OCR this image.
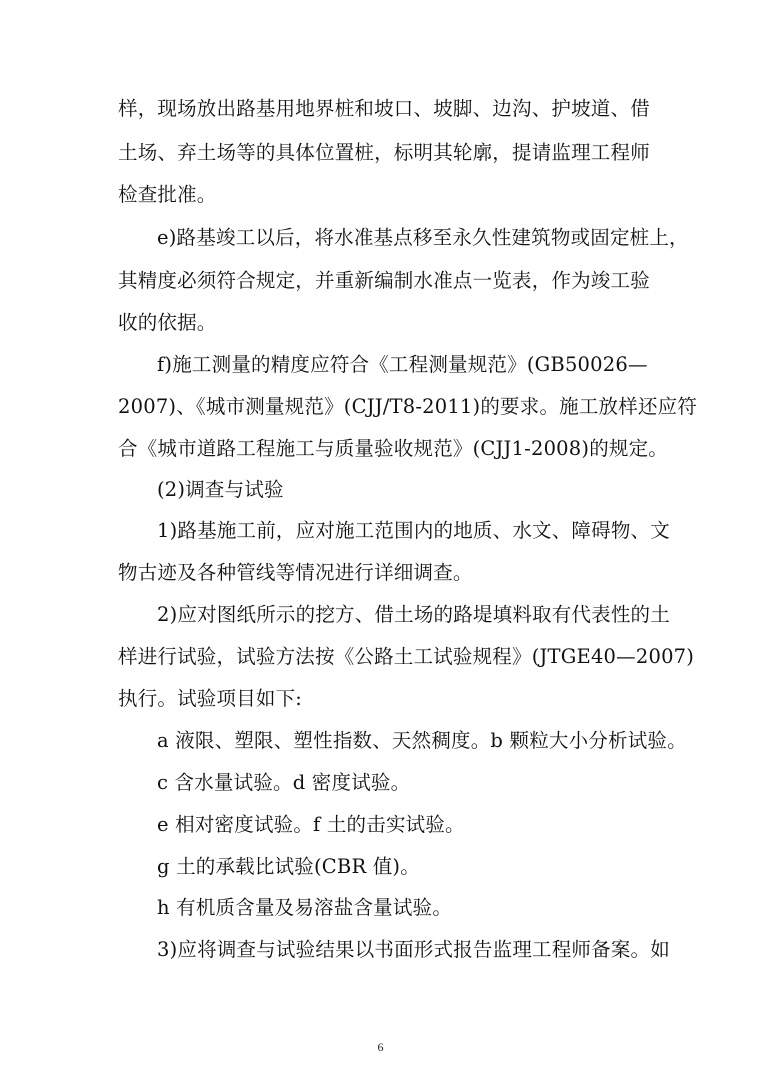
样，现场放出路基用地界桩和坡口、坡脚、边沟、护坡道、借
土场、弃土场等的具体位置桩，标明其轮廓，提请监理工程师
检查批准。
e)路基竣工以后，将水准基点移至永久性建筑物或固定桩上，
其精度必须符合规定，并重新编制水准点一览表，作为竣工验
收的依据。
f)施工测量的精度应符合《工程测量规范》(GB50026—
2007)、《城市测量规范》(CJJ/T8-2011)的要求。施工放样还应符
合《城市道路工程施工与质量验收规范》(CJJ1-2008)的规定。
(2)调查与试验
1)路基施工前，应对施工范围内的地质、水文、障碍物、文
物古迹及各种管线等情况进行详细调查。
2)应对图纸所示的挖方、借土场的路堤填料取有代表性的土
样进行试验，试验方法按《公路土工试验规程》(JTGE40—2007)
执行。试验项目如下:
a 液限、塑限、塑性指数、天然稠度。b 颗粒大小分析试验。
c 含水量试验。d 密度试验。
e 相对密度试验。f 土的击实试验。
g 土的承载比试验(CBR 值)。
h 有机质含量及易溶盐含量试验。
3)应将调查与试验结果以书面形式报告监理工程师备案。如
6
